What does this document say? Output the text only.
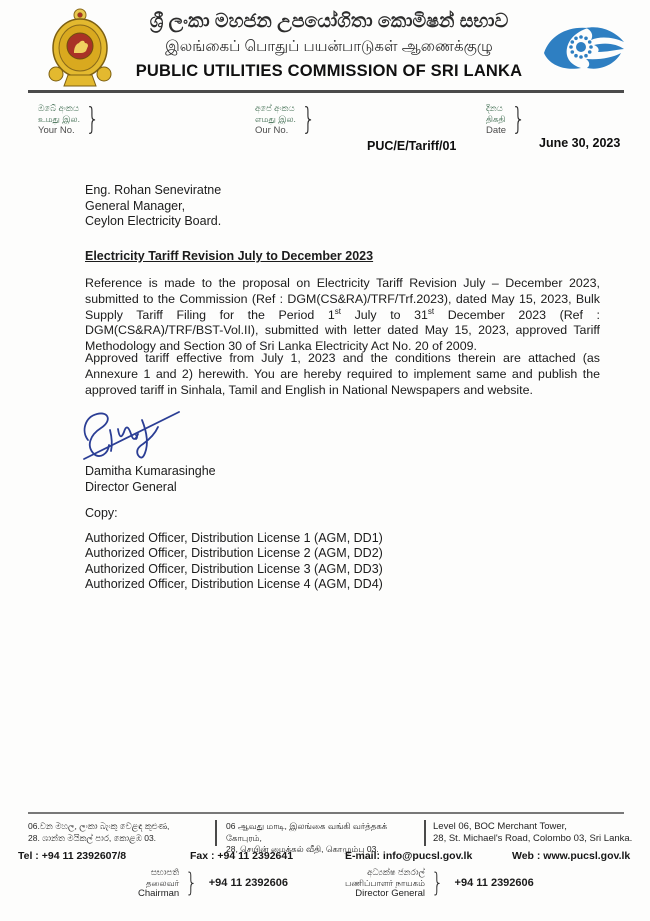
ශ්‍රී ලංකා මහජන උපයෝගිතා කොමිෂන් සභාව
இலங்கைப் பொதுப் பயன்பாடுகள் ஆணைக்குழு
PUBLIC UTILITIES COMMISSION OF SRI LANKA
ඔබේ අංකය
உமது இல.
Your No. }	අපේ අංකය
எமது இல.
Our No. }	දිනය
திகதி
Date }
PUC/E/Tariff/01	June 30, 2023
Eng. Rohan Seneviratne
General Manager,
Ceylon Electricity Board.
Electricity Tariff Revision July to December 2023
Reference is made to the proposal on Electricity Tariff Revision July – December 2023, submitted to the Commission (Ref : DGM(CS&RA)/TRF/Trf.2023), dated May 15, 2023, Bulk Supply Tariff Filing for the Period 1st July to 31st December 2023 (Ref : DGM(CS&RA)/TRF/BST-Vol.II), submitted with letter dated May 15, 2023, approved Tariff Methodology and Section 30 of Sri Lanka Electricity Act No. 20 of 2009.
Approved tariff effective from July 1, 2023 and the conditions therein are attached (as Annexure 1 and 2) herewith. You are hereby required to implement same and publish the approved tariff in Sinhala, Tamil and English in National Newspapers and website.
Damitha Kumarasinghe
Director General
Copy:
Authorized Officer, Distribution License 1 (AGM, DD1)
Authorized Officer, Distribution License 2 (AGM, DD2)
Authorized Officer, Distribution License 3 (AGM, DD3)
Authorized Officer, Distribution License 4 (AGM, DD4)
06.වන මහල, ලංකා බැංකු වෙළඳ කුළුණ,
28. ශාන්ත මයිකල් පාර, කොළඹ 03.
06 ஆவது மாடி, இலங்கை வங்கி வர்த்தகக் கோபுரம்,
28, செயின் மைக்கல் வீதி, கொழும்பு 03.
Level 06, BOC Merchant Tower,
28, St. Michael's Road, Colombo 03, Sri Lanka.
Tel : +94 11 2392607/8	Fax : +94 11 2392641	E-mail: info@pucsl.gov.lk	Web : www.pucsl.gov.lk
සභාපති
தலைவர்
Chairman } +94 11 2392606
අධ්‍යක්ෂ ජනරාල්
பணிப்பாளர் நாயகம்
Director General } +94 11 2392606
